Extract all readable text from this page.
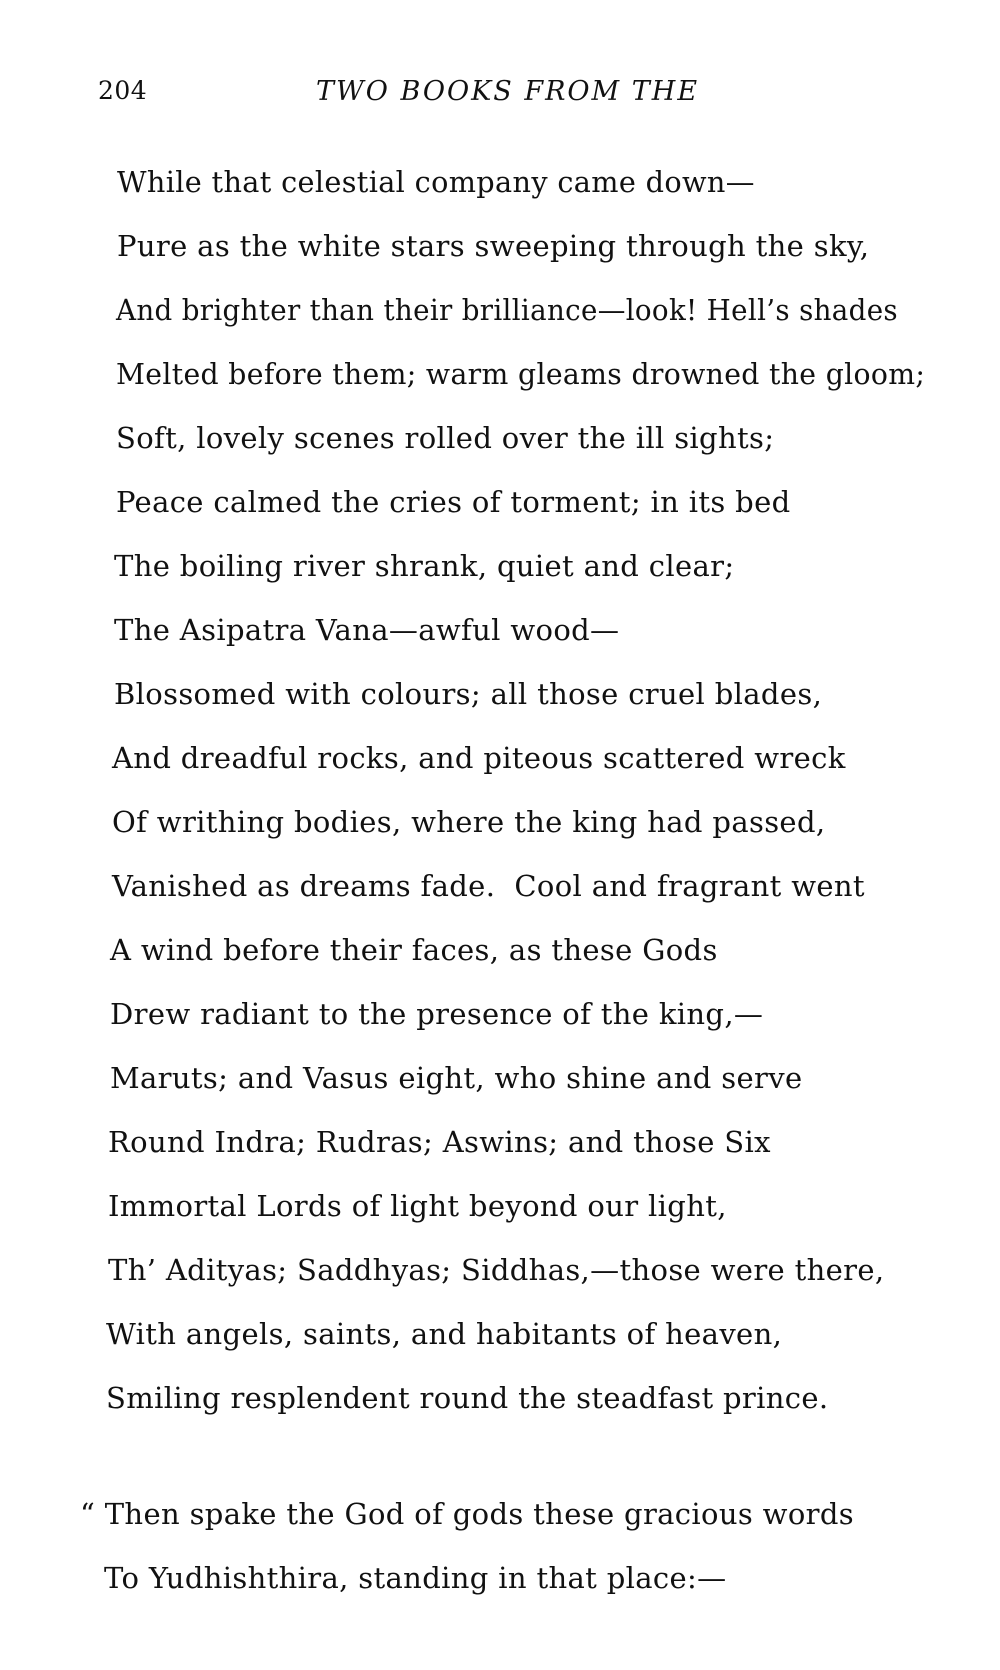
204	TWO BOOKS FROM THE
While that celestial company came down—
Pure as the white stars sweeping through the sky,
And brighter than their brilliance—look! Hell’s shades
Melted before them; warm gleams drowned the gloom;
Soft, lovely scenes rolled over the ill sights;
Peace calmed the cries of torment; in its bed
The boiling river shrank, quiet and clear;
The Asipatra Vana—awful wood—
Blossomed with colours; all those cruel blades,
And dreadful rocks, and piteous scattered wreck
Of writhing bodies, where the king had passed,
Vanished as dreams fade.  Cool and fragrant went
A wind before their faces, as these Gods
Drew radiant to the presence of the king,—
Maruts; and Vasus eight, who shine and serve
Round Indra; Rudras; Aswins; and those Six
Immortal Lords of light beyond our light,
Th’ Adityas; Saddhyas; Siddhas,—those were there,
With angels, saints, and habitants of heaven,
Smiling resplendent round the steadfast prince.
“ Then spake the God of gods these gracious words
To Yudhishthira, standing in that place:—
